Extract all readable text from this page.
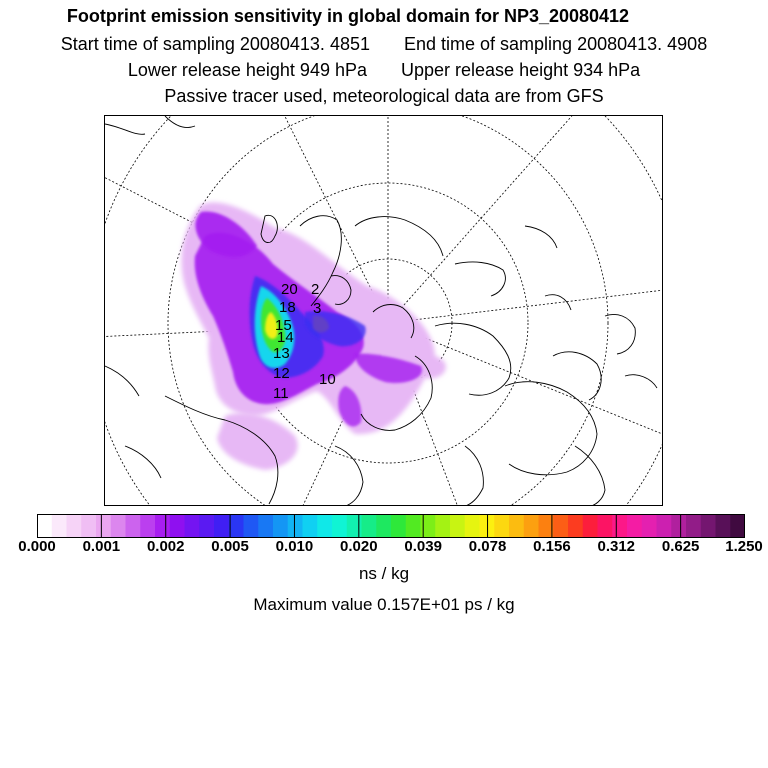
Footprint emission sensitivity in global domain for NP3_20080412
Start time of sampling 20080413. 4851 End time of sampling 20080413. 4908
Lower release height 949 hPa Upper release height 934 hPa
Passive tracer used, meteorological data are from GFS
20 2
18 3
15
14
13
12
11
10
0.000 0.001 0.002 0.005 0.010 0.020 0.039 0.078 0.156 0.312 0.625 1.250
ns / kg
Maximum value 0.157E+01 ps / kg
